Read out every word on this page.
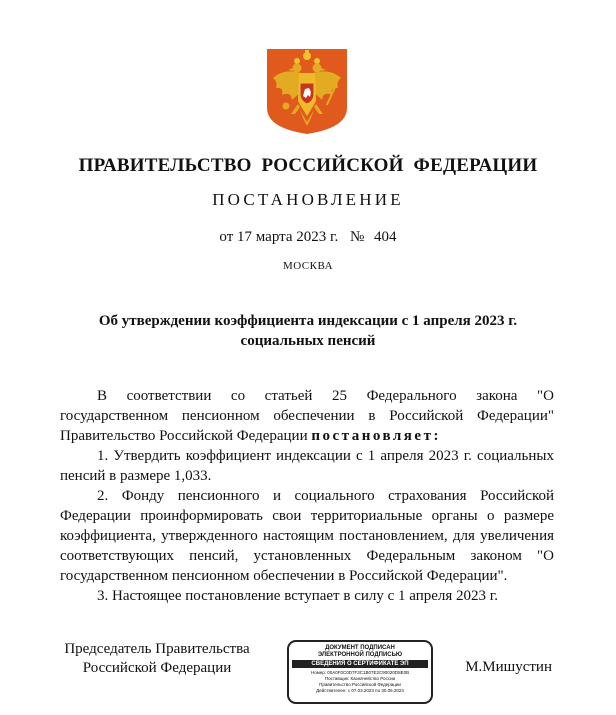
ПРАВИТЕЛЬСТВО РОССИЙСКОЙ ФЕДЕРАЦИИ
ПОСТАНОВЛЕНИЕ
от 17 марта 2023 г. № 404
МОСКВА
Об утверждении коэффициента индексации с 1 апреля 2023 г.
социальных пенсий

В соответствии со статьей 25 Федерального закона "О государственном пенсионном обеспечении в Российской Федерации" Правительство Российской Федерации постановляет:

1. Утвердить коэффициент индексации с 1 апреля 2023 г. социальных пенсий в размере 1,033.

2. Фонду пенсионного и социального страхования Российской Федерации проинформировать свои территориальные органы о размере коэффициента, утвержденного настоящим постановлением, для увеличения соответствующих пенсий, установленных Федеральным законом "О государственном пенсионном обеспечении в Российской Федерации".

3. Настоящее постановление вступает в силу с 1 апреля 2023 г.

Председатель Правительства
Российской Федерации
ДОКУМЕНТ ПОДПИСАН
ЭЛЕКТРОННОЙ ПОДПИСЬЮ
СВЕДЕНИЯ О СЕРТИФИКАТЕ ЭП
Номер: 00A0F0C0D7F3C1B07E2C90020D8E0B
Поставщик: Казначейство России
Правительство Российской Федерации
Действителен: с 07.03.2023 по 30.05.2024
М.Мишустин
